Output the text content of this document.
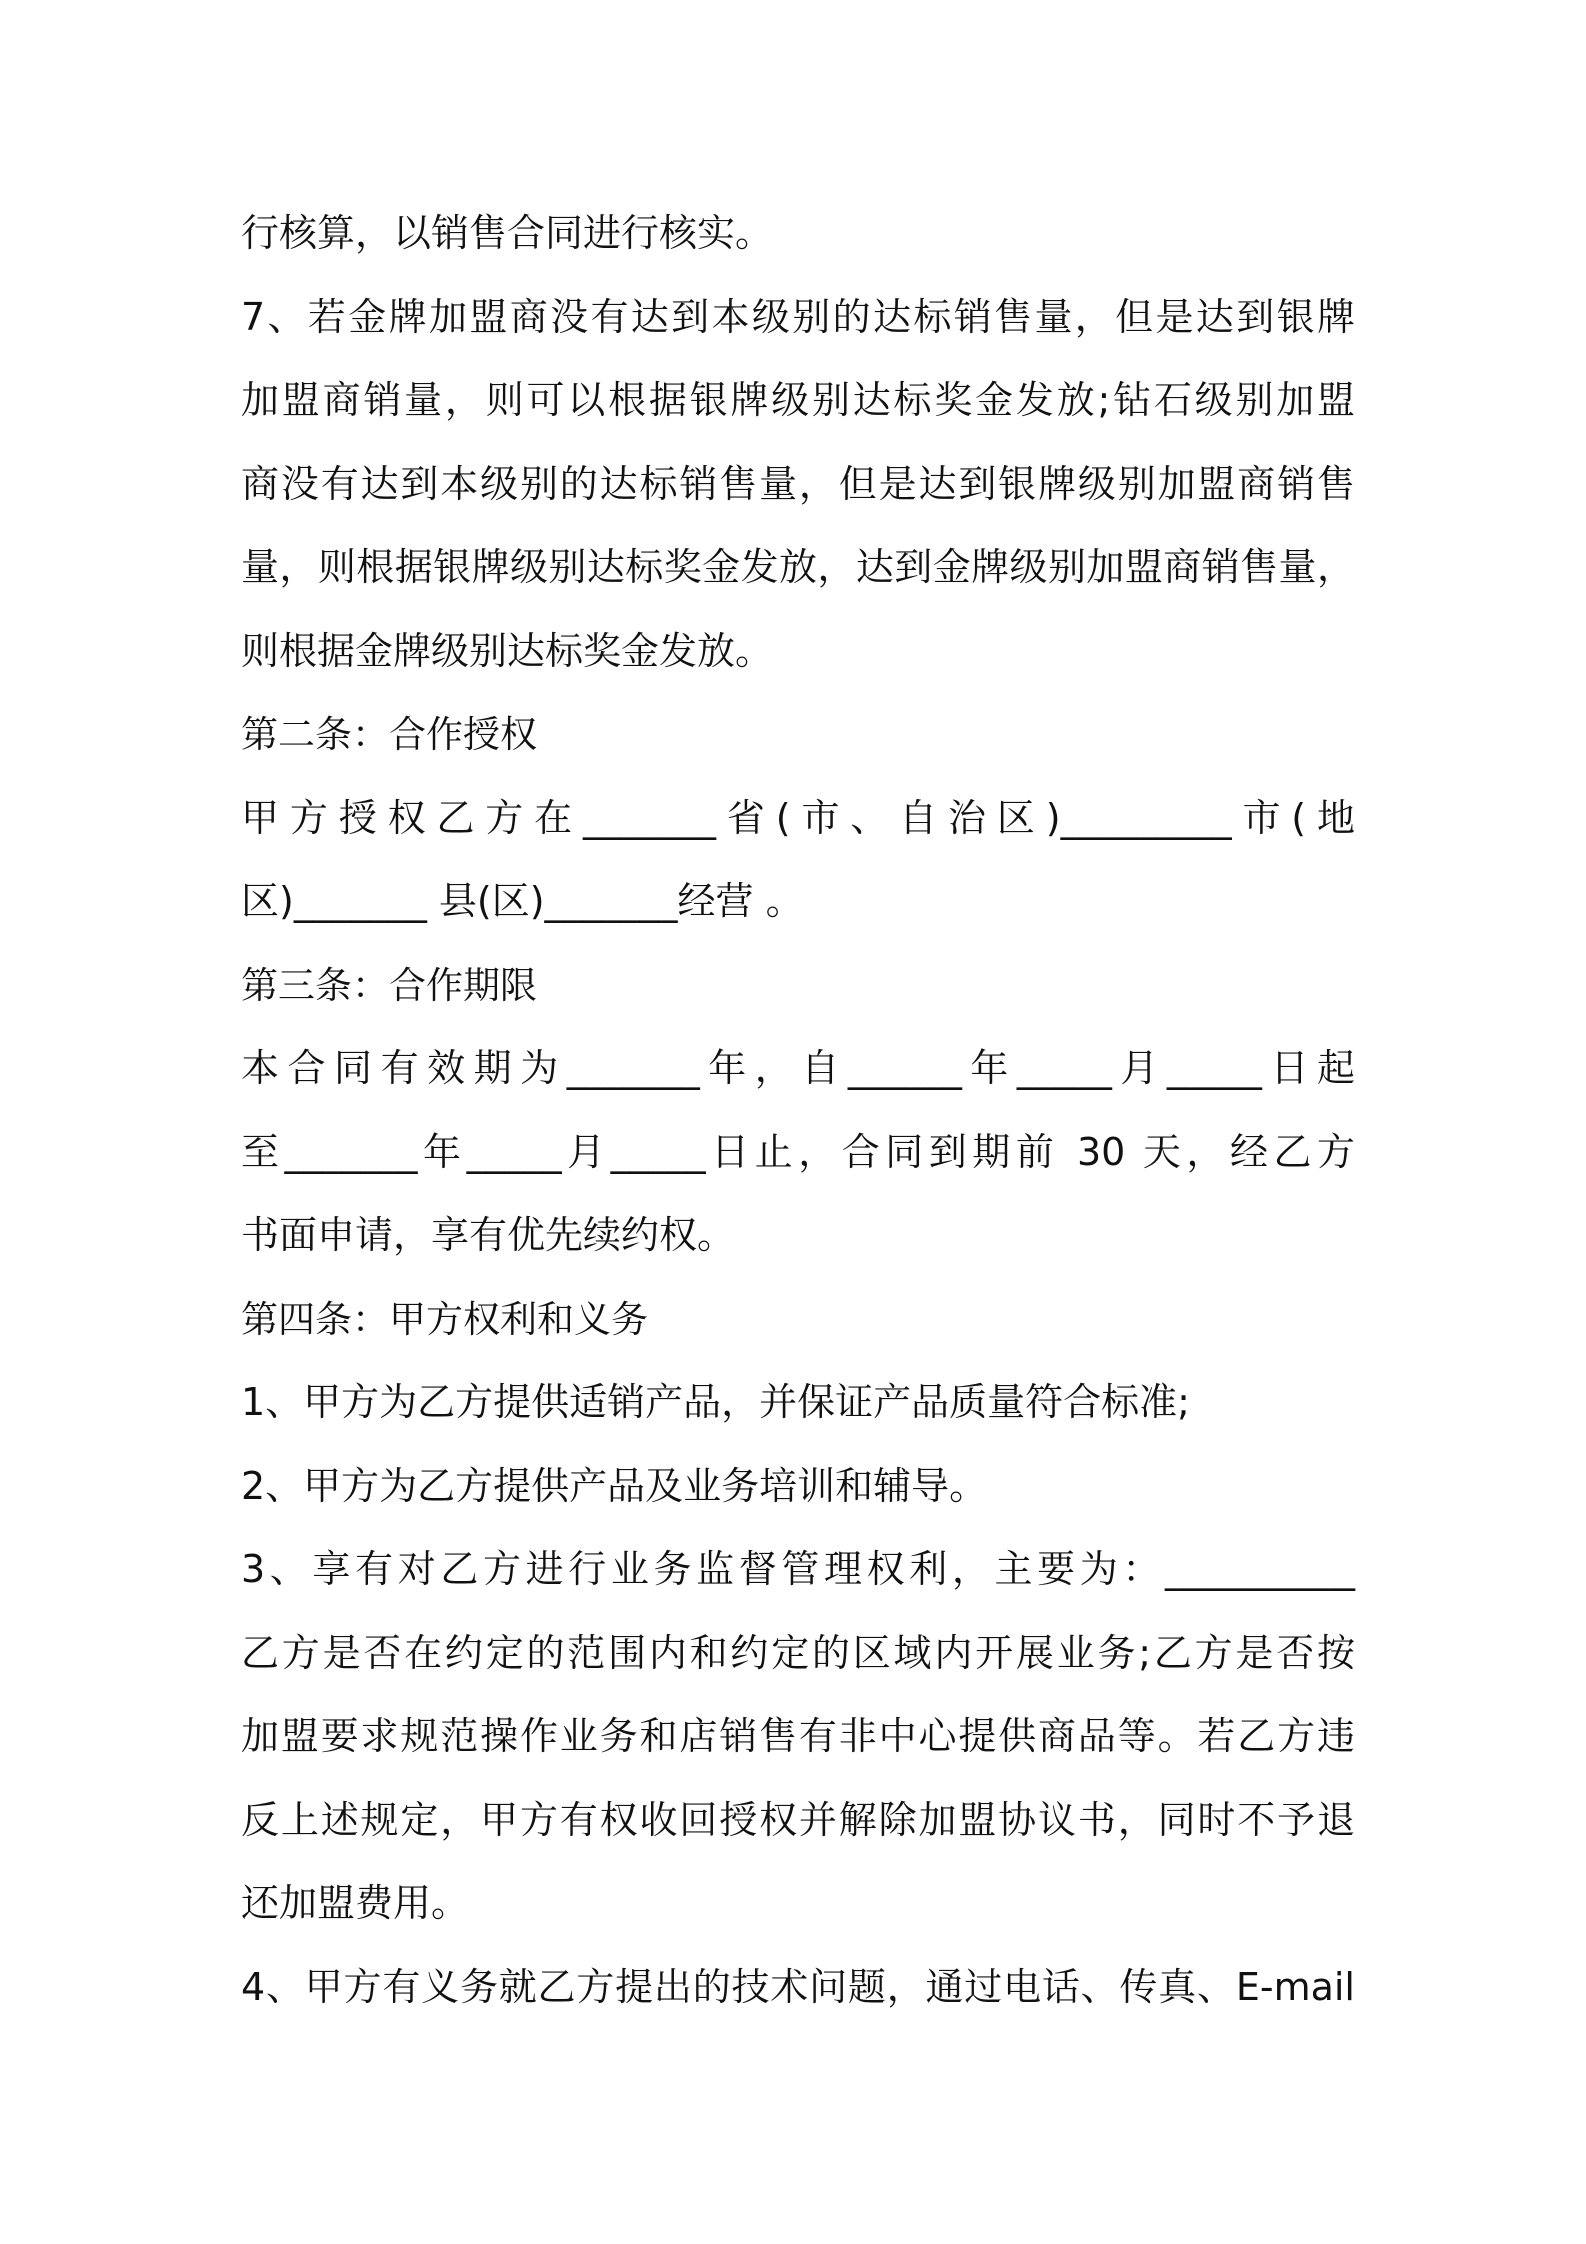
行核算，以销售合同进行核实。
7、若金牌加盟商没有达到本级别的达标销售量，但是达到银牌
加盟商销量，则可以根据银牌级别达标奖金发放;钻石级别加盟
商没有达到本级别的达标销售量，但是达到银牌级别加盟商销售
量，则根据银牌级别达标奖金发放，达到金牌级别加盟商销售量，
则根据金牌级别达标奖金发放。
第二条：合作授权
甲方授权乙方在_______省(市、自治区)_________市(地
区)_______ 县(区)_______经营 。
第三条：合作期限
本合同有效期为_______年，自______年_____月_____日起
至_______年_____月_____日止，合同到期前 30 天，经乙方
书面申请，享有优先续约权。
第四条：甲方权利和义务
1、甲方为乙方提供适销产品，并保证产品质量符合标准;
2、甲方为乙方提供产品及业务培训和辅导。
3、享有对乙方进行业务监督管理权利，主要为：__________
乙方是否在约定的范围内和约定的区域内开展业务;乙方是否按
加盟要求规范操作业务和店销售有非中心提供商品等。若乙方违
反上述规定，甲方有权收回授权并解除加盟协议书，同时不予退
还加盟费用。
4、甲方有义务就乙方提出的技术问题，通过电话、传真、E-mail
